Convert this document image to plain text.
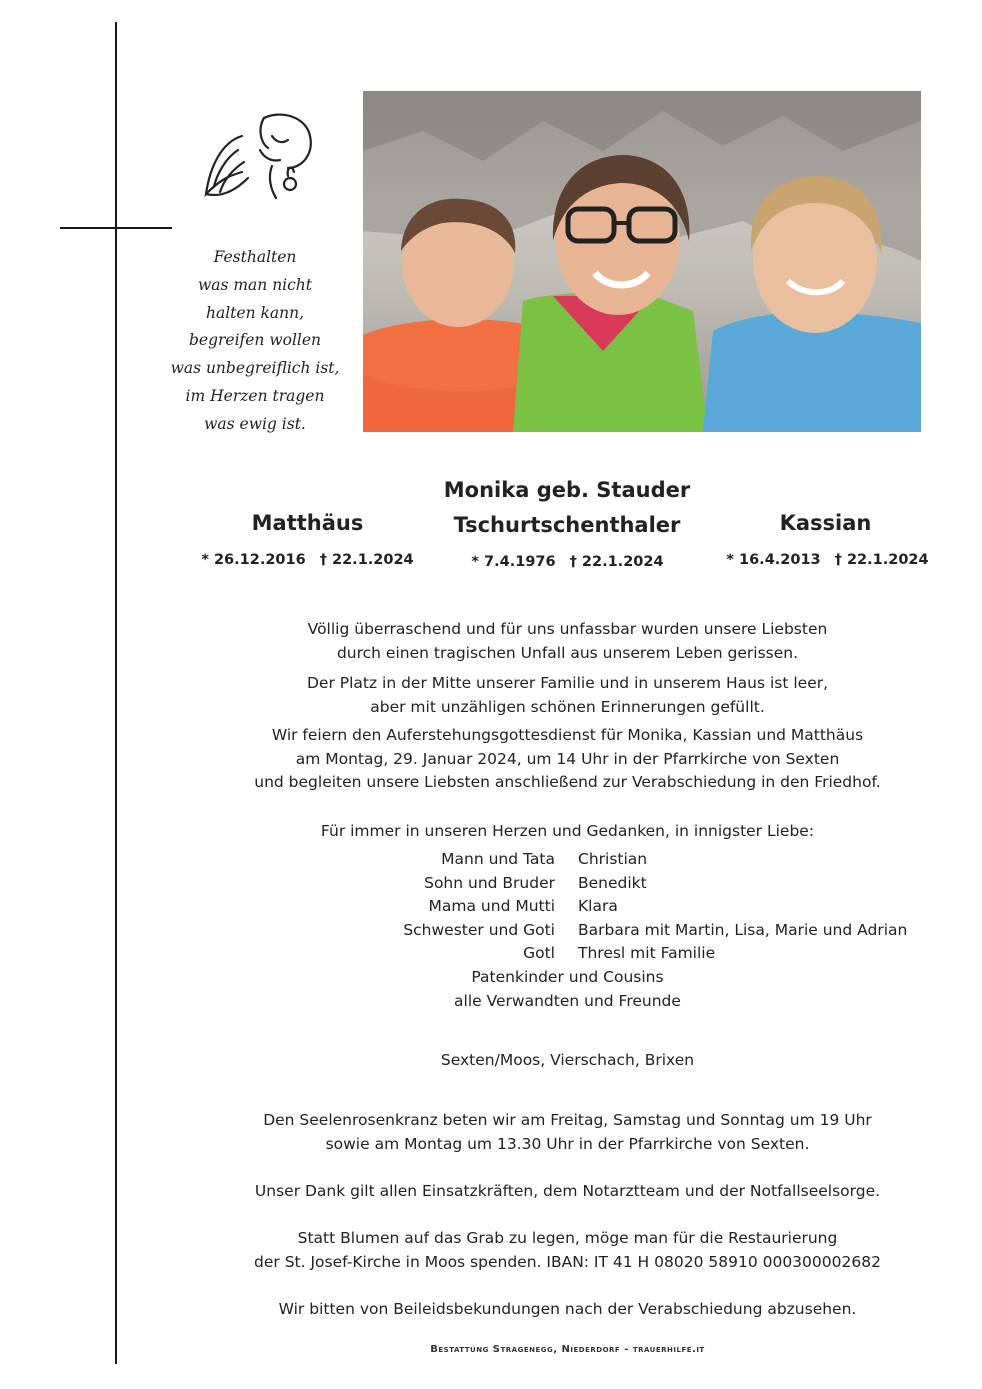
Festhalten
was man nicht
halten kann,
begreifen wollen
was unbegreiflich ist,
im Herzen tragen
was ewig ist.
Matthäus
* 26.12.2016 † 22.1.2024
Monika geb. Stauder
Tschurtschenthaler
* 7.4.1976 † 22.1.2024
Kassian
* 16.4.2013 † 22.1.2024
Völlig überraschend und für uns unfassbar wurden unsere Liebsten
durch einen tragischen Unfall aus unserem Leben gerissen.
Der Platz in der Mitte unserer Familie und in unserem Haus ist leer,
aber mit unzähligen schönen Erinnerungen gefüllt.
Wir feiern den Auferstehungsgottesdienst für Monika, Kassian und Matthäus
am Montag, 29. Januar 2024, um 14 Uhr in der Pfarrkirche von Sexten
und begleiten unsere Liebsten anschließend zur Verabschiedung in den Friedhof.
Für immer in unseren Herzen und Gedanken, in innigster Liebe:
Mann und Tata
Sohn und Bruder
Mama und Mutti
Schwester und Goti
Gotl
Christian
Benedikt
Klara
Barbara mit Martin, Lisa, Marie und Adrian
Thresl mit Familie
Patenkinder und Cousins
alle Verwandten und Freunde
Sexten/Moos, Vierschach, Brixen
Den Seelenrosenkranz beten wir am Freitag, Samstag und Sonntag um 19 Uhr
sowie am Montag um 13.30 Uhr in der Pfarrkirche von Sexten.
Unser Dank gilt allen Einsatzkräften, dem Notarztteam und der Notfallseelsorge.
Statt Blumen auf das Grab zu legen, möge man für die Restaurierung
der St. Josef-Kirche in Moos spenden. IBAN: IT 41 H 08020 58910 000300002682
Wir bitten von Beileidsbekundungen nach der Verabschiedung abzusehen.
Bestattung Stragenegg, Niederdorf - trauerhilfe.it
